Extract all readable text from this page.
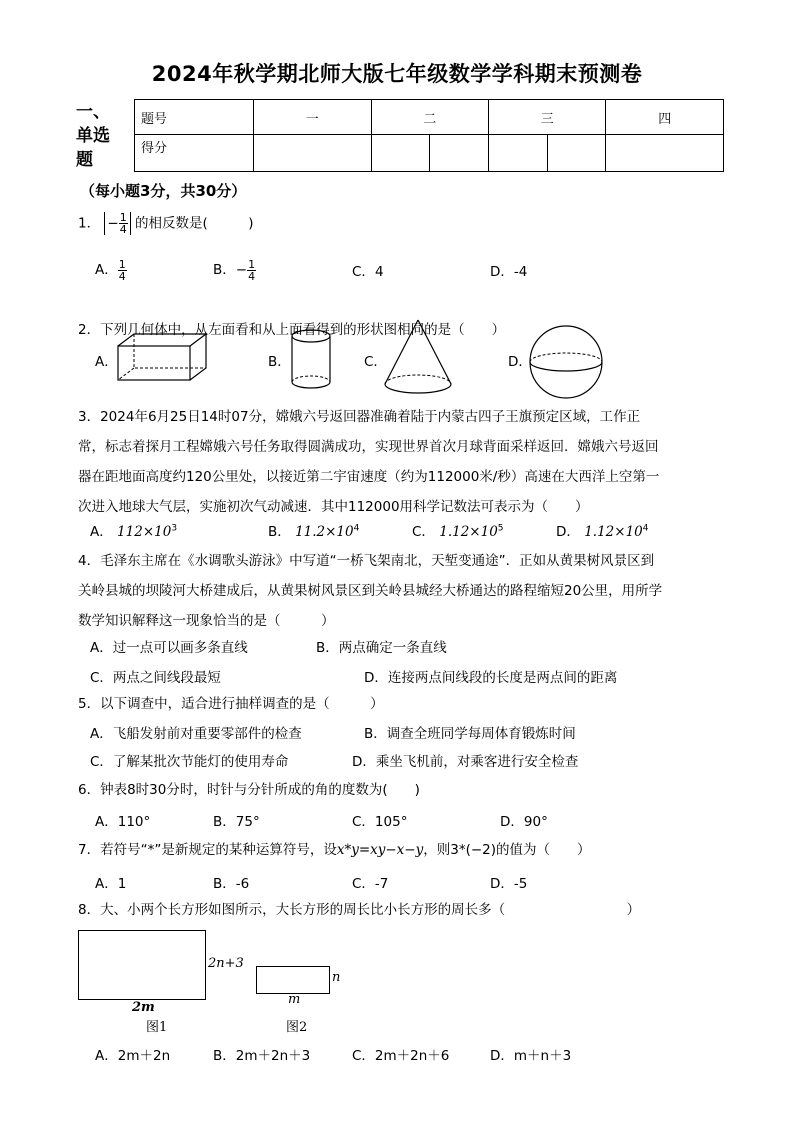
2024年秋学期北师大版七年级数学学科期末预测卷
一、单选题
题号	一	二		三		四
得分						
（每小题3分，共30分）
1． − $\frac{1}{4}$ 的相反数是(　　　)
A． $\frac{1}{4}$	B．− $\frac{1}{4}$	C．4	D．-4
2．下列几何体中，从左面看和从上面看得到的形状图相同的是（　　）
A．	B．	C．	D．
3．2024年6月25日14时07分，嫦娥六号返回器准确着陆于内蒙古四子王旗预定区域，工作正
常，标志着探月工程嫦娥六号任务取得圆满成功，实现世界首次月球背面采样返回．嫦娥六号返回
器在距地面高度约120公里处，以接近第二宇宙速度（约为112000米/秒）高速在大西洋上空第一
次进入地球大气层，实施初次气动减速．其中112000用科学记数法可表示为（　　）
A． $112\times 10^3$	B． $11.2\times 10^4$	C． $1.12\times 10^5$	D． $1.12\times 10^4$
4．毛泽东主席在《水调歌头游泳》中写道“一桥飞架南北，天堑变通途”．正如从黄果树风景区到
关岭县城的坝陵河大桥建成后，从黄果树风景区到关岭县城经大桥通达的路程缩短20公里，用所学
数学知识解释这一现象恰当的是（　　　）
A．过一点可以画多条直线	B．两点确定一条直线
C．两点之间线段最短	D．连接两点间线段的长度是两点间的距离
5．以下调查中，适合进行抽样调查的是（　　　）
A．飞船发射前对重要零部件的检查	B．调查全班同学每周体育锻炼时间
C．了解某批次节能灯的使用寿命	D．乘坐飞机前，对乘客进行安全检查
6．钟表8时30分时，时针与分针所成的角的度数为(　　)
A．110°	B．75°	C．105°	D．90°
7．若符号“*”是新规定的某种运算符号，设x*y=xy−x−y，则3*(−2)的值为（　　）
A．1	B．-6	C．-7	D．-5
8．大、小两个长方形如图所示，大长方形的周长比小长方形的周长多（　　　　　　　　　）
2n+3
2m
图1
n
m
图2
A．2m＋2n	B．2m＋2n＋3	C．2m＋2n＋6	D．m＋n＋3
